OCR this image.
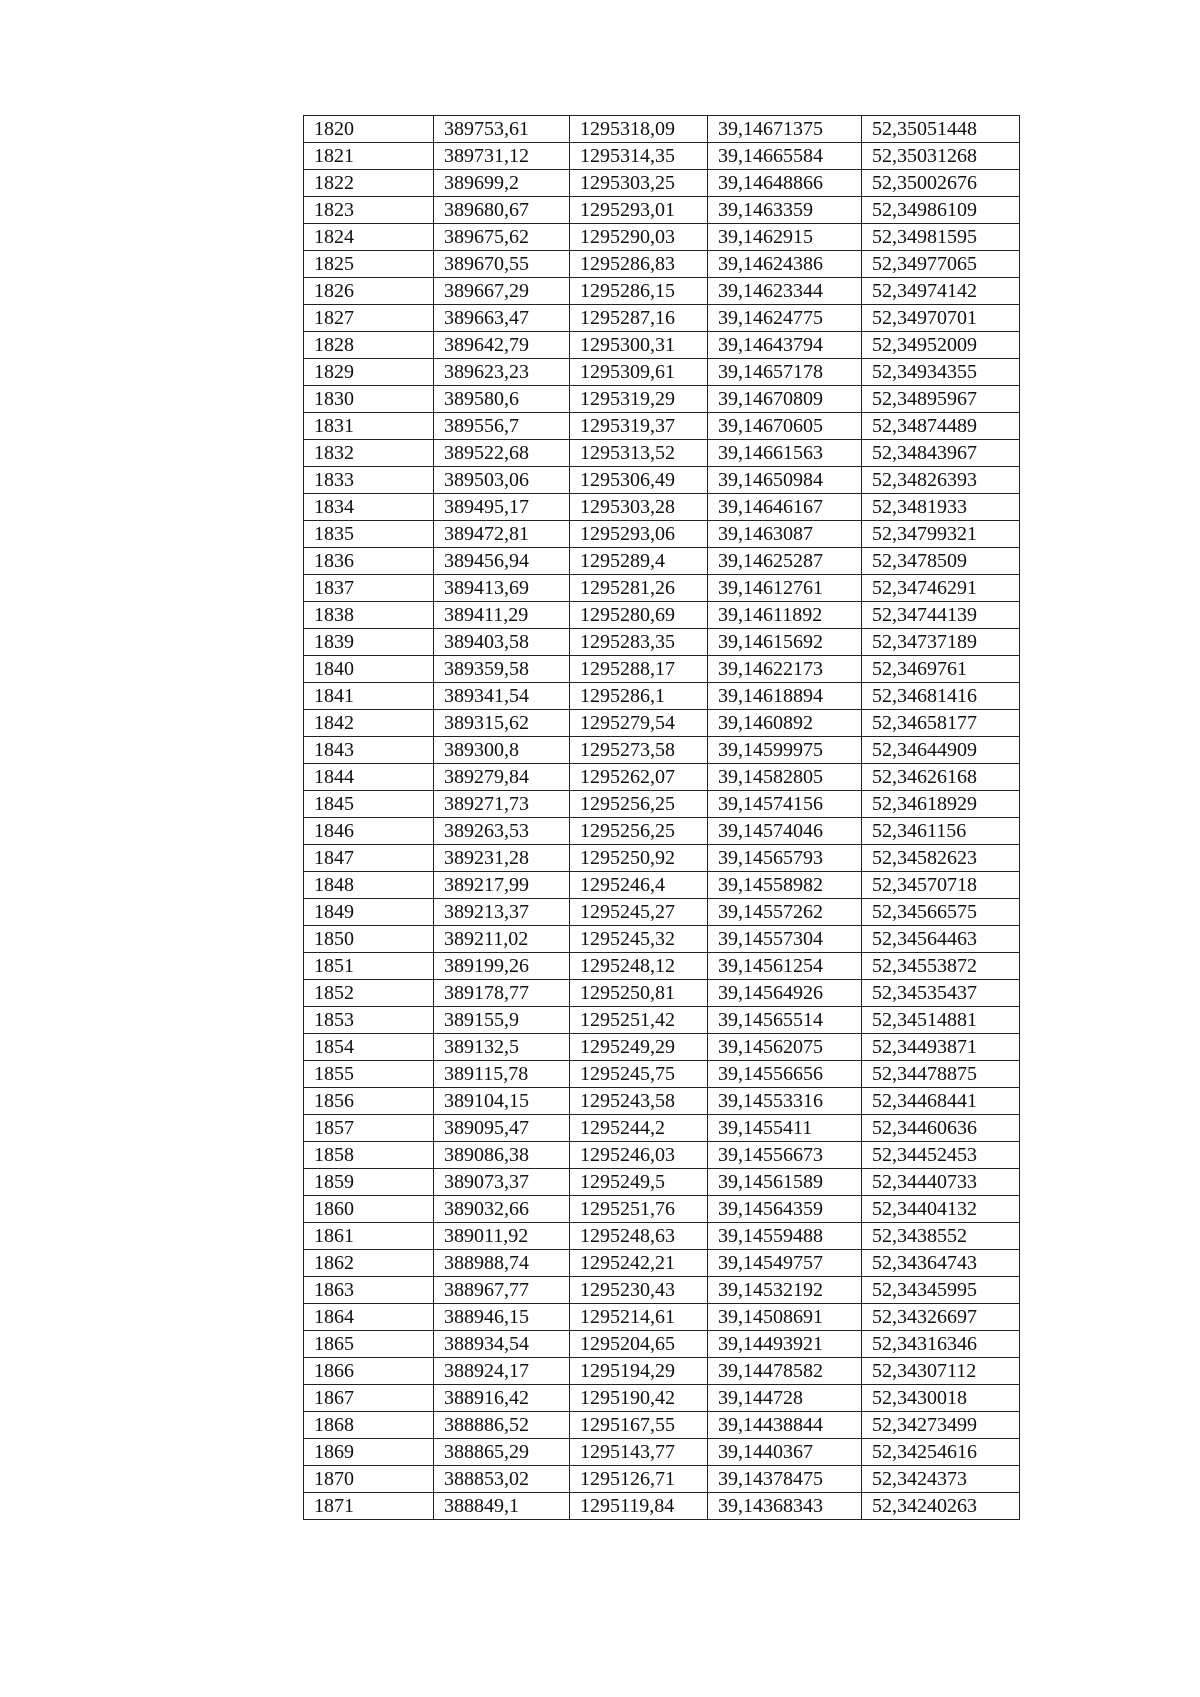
1820	389753,61	1295318,09	39,14671375	52,35051448
1821	389731,12	1295314,35	39,14665584	52,35031268
1822	389699,2	1295303,25	39,14648866	52,35002676
1823	389680,67	1295293,01	39,1463359	52,34986109
1824	389675,62	1295290,03	39,1462915	52,34981595
1825	389670,55	1295286,83	39,14624386	52,34977065
1826	389667,29	1295286,15	39,14623344	52,34974142
1827	389663,47	1295287,16	39,14624775	52,34970701
1828	389642,79	1295300,31	39,14643794	52,34952009
1829	389623,23	1295309,61	39,14657178	52,34934355
1830	389580,6	1295319,29	39,14670809	52,34895967
1831	389556,7	1295319,37	39,14670605	52,34874489
1832	389522,68	1295313,52	39,14661563	52,34843967
1833	389503,06	1295306,49	39,14650984	52,34826393
1834	389495,17	1295303,28	39,14646167	52,3481933
1835	389472,81	1295293,06	39,1463087	52,34799321
1836	389456,94	1295289,4	39,14625287	52,3478509
1837	389413,69	1295281,26	39,14612761	52,34746291
1838	389411,29	1295280,69	39,14611892	52,34744139
1839	389403,58	1295283,35	39,14615692	52,34737189
1840	389359,58	1295288,17	39,14622173	52,3469761
1841	389341,54	1295286,1	39,14618894	52,34681416
1842	389315,62	1295279,54	39,1460892	52,34658177
1843	389300,8	1295273,58	39,14599975	52,34644909
1844	389279,84	1295262,07	39,14582805	52,34626168
1845	389271,73	1295256,25	39,14574156	52,34618929
1846	389263,53	1295256,25	39,14574046	52,3461156
1847	389231,28	1295250,92	39,14565793	52,34582623
1848	389217,99	1295246,4	39,14558982	52,34570718
1849	389213,37	1295245,27	39,14557262	52,34566575
1850	389211,02	1295245,32	39,14557304	52,34564463
1851	389199,26	1295248,12	39,14561254	52,34553872
1852	389178,77	1295250,81	39,14564926	52,34535437
1853	389155,9	1295251,42	39,14565514	52,34514881
1854	389132,5	1295249,29	39,14562075	52,34493871
1855	389115,78	1295245,75	39,14556656	52,34478875
1856	389104,15	1295243,58	39,14553316	52,34468441
1857	389095,47	1295244,2	39,1455411	52,34460636
1858	389086,38	1295246,03	39,14556673	52,34452453
1859	389073,37	1295249,5	39,14561589	52,34440733
1860	389032,66	1295251,76	39,14564359	52,34404132
1861	389011,92	1295248,63	39,14559488	52,3438552
1862	388988,74	1295242,21	39,14549757	52,34364743
1863	388967,77	1295230,43	39,14532192	52,34345995
1864	388946,15	1295214,61	39,14508691	52,34326697
1865	388934,54	1295204,65	39,14493921	52,34316346
1866	388924,17	1295194,29	39,14478582	52,34307112
1867	388916,42	1295190,42	39,144728	52,3430018
1868	388886,52	1295167,55	39,14438844	52,34273499
1869	388865,29	1295143,77	39,1440367	52,34254616
1870	388853,02	1295126,71	39,14378475	52,3424373
1871	388849,1	1295119,84	39,14368343	52,34240263
